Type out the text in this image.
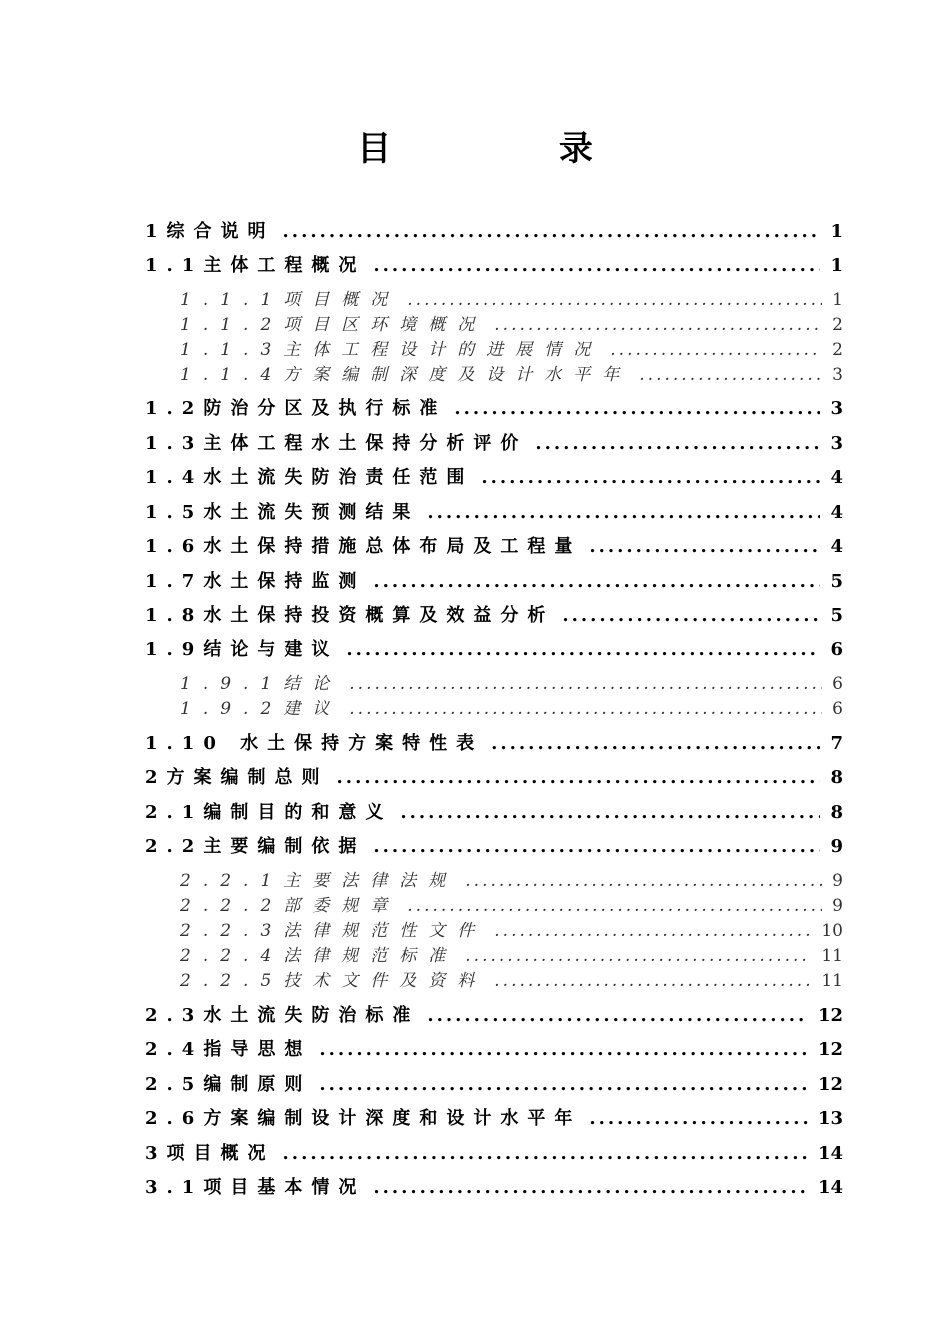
目 录
1综合说明 .....	1
1.1主体工程概况 .....	1
1.1.1项目概况 .....	1
1.1.2项目区环境概况 .....	2
1.1.3主体工程设计的进展情况 .....	2
1.1.4方案编制深度及设计水平年 .....	3
1.2防治分区及执行标准 .....	3
1.3主体工程水土保持分析评价 .....	3
1.4水土流失防治责任范围 .....	4
1.5水土流失预测结果 .....	4
1.6水土保持措施总体布局及工程量 .....	4
1.7水土保持监测 .....	5
1.8水土保持投资概算及效益分析 .....	5
1.9结论与建议 .....	6
1.9.1结论 .....	6
1.9.2建议 .....	6
1.10 水土保持方案特性表 .....	7
2方案编制总则 .....	8
2.1编制目的和意义 .....	8
2.2主要编制依据 .....	9
2.2.1主要法律法规 .....	9
2.2.2部委规章 .....	9
2.2.3法律规范性文件 .....	10
2.2.4法律规范标准 .....	11
2.2.5技术文件及资料 .....	11
2.3水土流失防治标准 .....	12
2.4指导思想 .....	12
2.5编制原则 .....	12
2.6方案编制设计深度和设计水平年 .....	13
3项目概况 .....	14
3.1项目基本情况 .....	14
